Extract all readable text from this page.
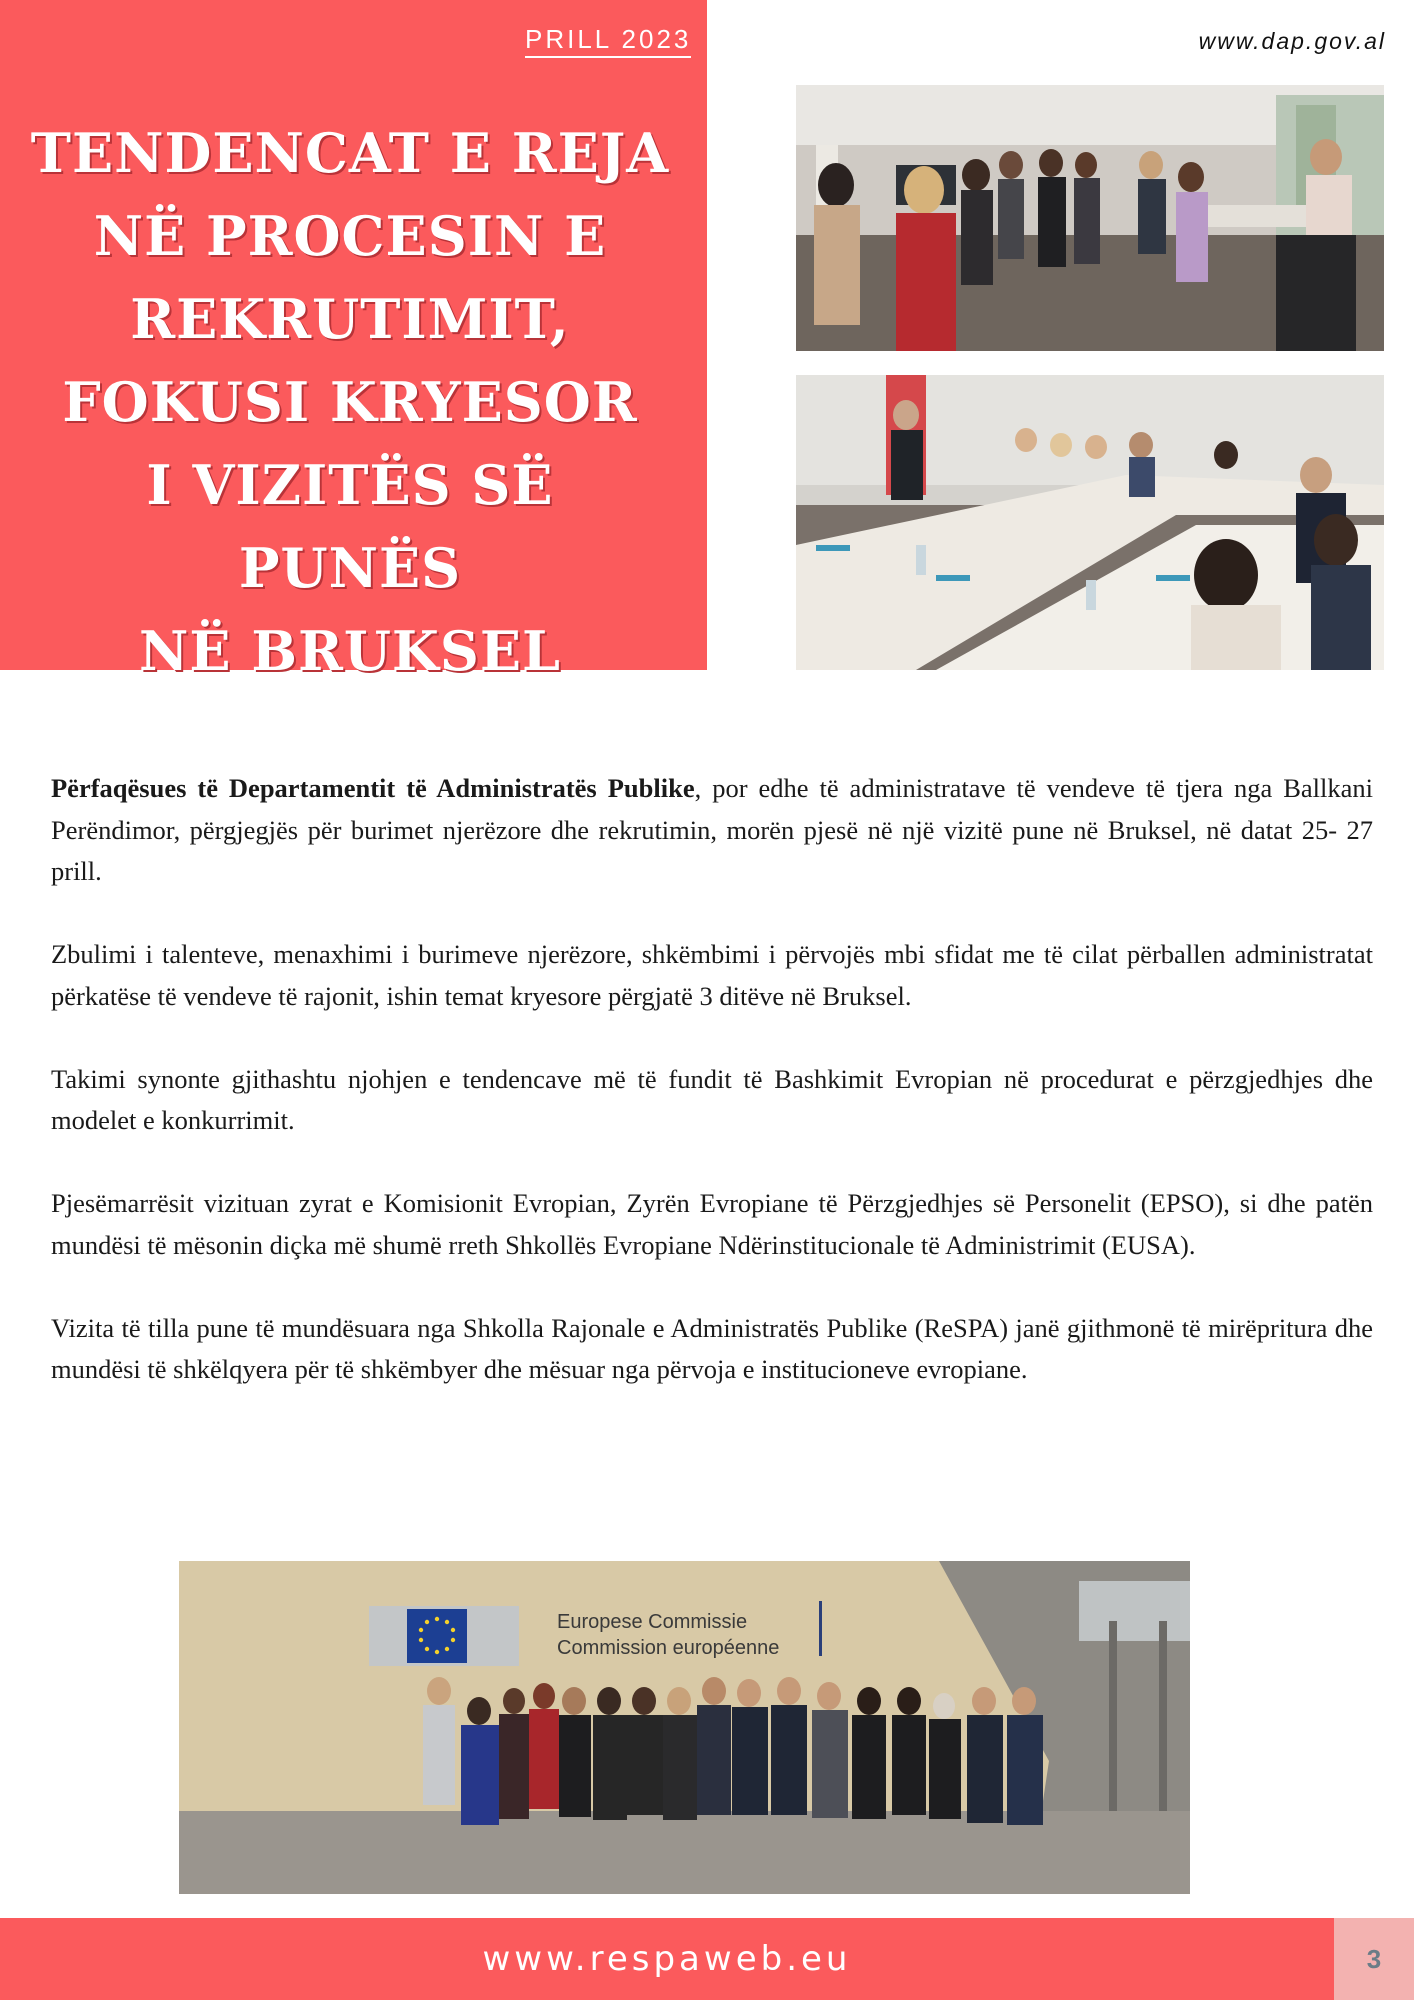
PRILL 2023
TENDENCAT E REJA
NË PROCESIN E
REKRUTIMIT,
FOKUSI KRYESOR
I VIZITËS SË PUNËS
NË BRUKSEL
www.dap.gov.al

Përfaqësues të Departamentit të Administratës Publike, por edhe të administratave të vendeve të tjera nga Ballkani Perëndimor, përgjegjës për burimet njerëzore dhe rekrutimin, morën pjesë në një vizitë pune në Bruksel, në datat 25- 27 prill.

Zbulimi i talenteve, menaxhimi i burimeve njerëzore, shkëmbimi i përvojës mbi sfidat me të cilat përballen administratat përkatëse të vendeve të rajonit, ishin temat kryesore përgjatë 3 ditëve në Bruksel.

Takimi synonte gjithashtu njohjen e tendencave më të fundit të Bashkimit Evropian në procedurat e përzgjedhjes dhe modelet e konkurrimit.

Pjesëmarrësit vizituan zyrat e Komisionit Evropian, Zyrën Evropiane të Përzgjedhjes së Personelit (EPSO), si dhe patën mundësi të mësonin diçka më shumë rreth Shkollës Evropiane Ndërinstitucionale të Administrimit (EUSA).

Vizita të tilla pune të mundësuara nga Shkolla Rajonale e Administratës Publike (ReSPA) janë gjithmonë të mirëpritura dhe mundësi të shkëlqyera për të shkëmbyer dhe mësuar nga përvoja e institucioneve evropiane.

Europese Commissie
Commission européenne
www.respaweb.eu	3
